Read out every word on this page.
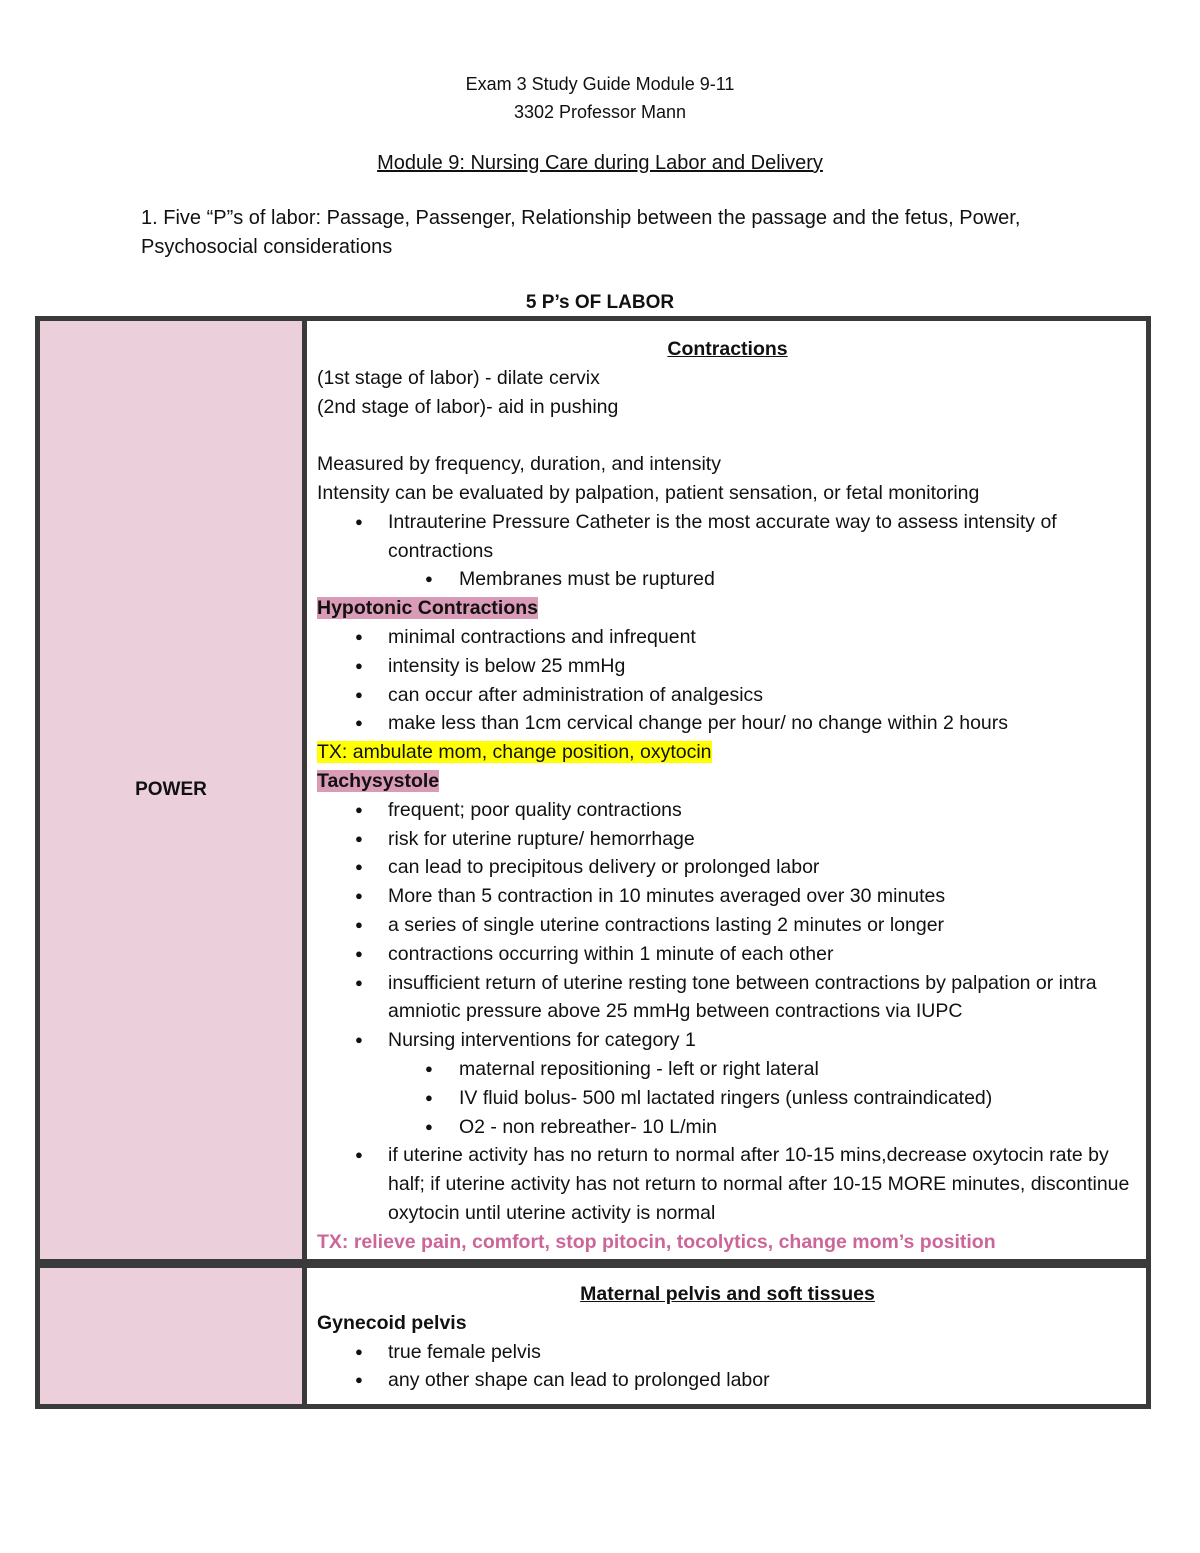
Exam 3 Study Guide Module 9-11
3302 Professor Mann
Module 9: Nursing Care during Labor and Delivery
1. Five “P”s of labor: Passage, Passenger, Relationship between the passage and the fetus, Power, Psychosocial considerations
5 P’s OF LABOR
POWER
Contractions
(1st stage of labor) - dilate cervix
(2nd stage of labor)- aid in pushing
Measured by frequency, duration, and intensity
Intensity can be evaluated by palpation, patient sensation, or fetal monitoring
● Intrauterine Pressure Catheter is the most accurate way to assess intensity of contractions
● Membranes must be ruptured
Hypotonic Contractions
● minimal contractions and infrequent
● intensity is below 25 mmHg
● can occur after administration of analgesics
● make less than 1cm cervical change per hour/ no change within 2 hours
TX: ambulate mom, change position, oxytocin
Tachysystole
● frequent; poor quality contractions
● risk for uterine rupture/ hemorrhage
● can lead to precipitous delivery or prolonged labor
● More than 5 contraction in 10 minutes averaged over 30 minutes
● a series of single uterine contractions lasting 2 minutes or longer
● contractions occurring within 1 minute of each other
● insufficient return of uterine resting tone between contractions by palpation or intra amniotic pressure above 25 mmHg between contractions via IUPC
● Nursing interventions for category 1
● maternal repositioning - left or right lateral
● IV fluid bolus- 500 ml lactated ringers (unless contraindicated)
● O2 - non rebreather- 10 L/min
● if uterine activity has no return to normal after 10-15 mins,decrease oxytocin rate by half; if uterine activity has not return to normal after 10-15 MORE minutes, discontinue oxytocin until uterine activity is normal
TX: relieve pain, comfort, stop pitocin, tocolytics, change mom’s position
Maternal pelvis and soft tissues
Gynecoid pelvis
● true female pelvis
● any other shape can lead to prolonged labor
